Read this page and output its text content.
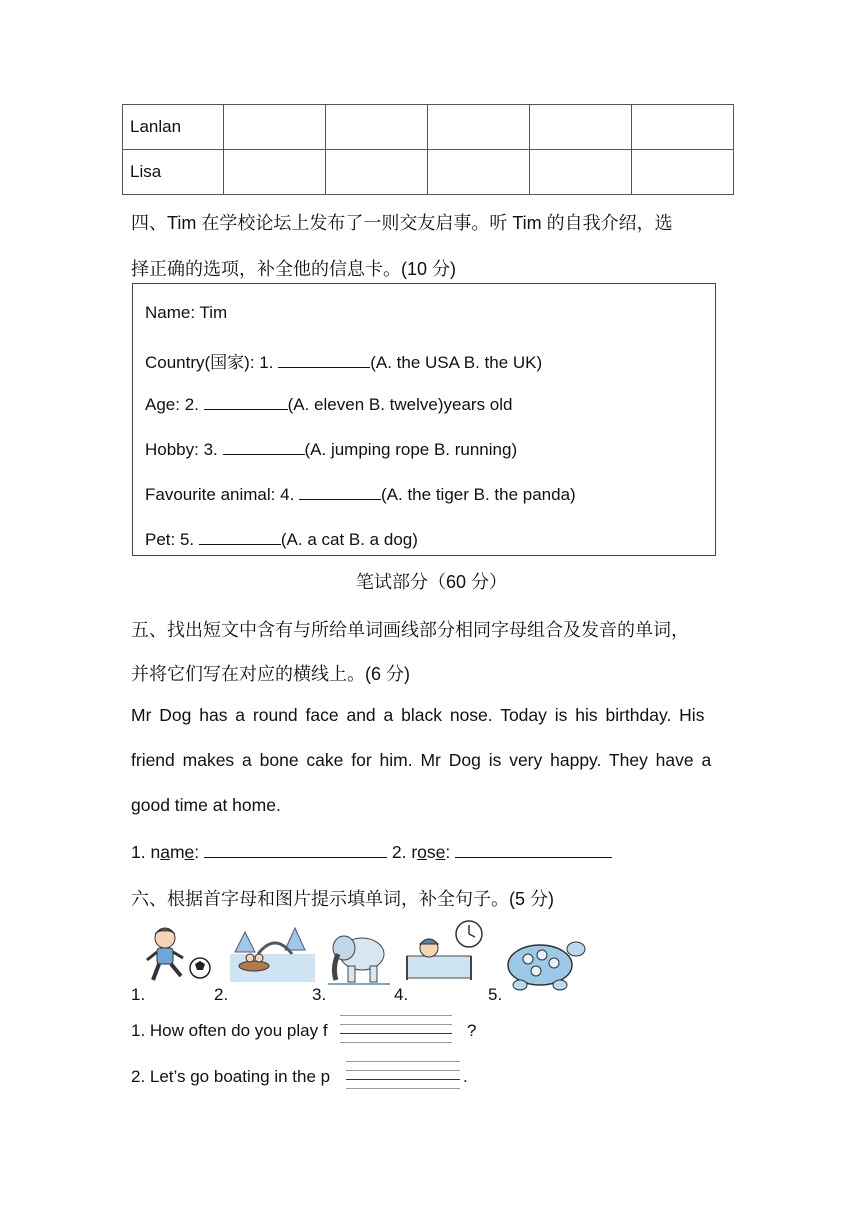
Lanlan					
Lisa					
四、Tim 在学校论坛上发布了一则交友启事。听 Tim 的自我介绍，选
择正确的选项，补全他的信息卡。(10 分)
Name: Tim
Country(国家): 1.	(A. the USA B. the UK)
Age: 2.	(A. eleven B. twelve)years old
Hobby: 3.	(A. jumping rope B. running)
Favourite animal: 4.	(A. the tiger B. the panda)
Pet: 5.	(A. a cat B. a dog)
笔试部分（60 分）
五、找出短文中含有与所给单词画线部分相同字母组合及发音的单词，
并将它们写在对应的横线上。(6 分)
Mr Dog has a round face and a black nose. Today is his birthday. His
friend makes a bone cake for him. Mr Dog is very happy. They have a
good time at home.
1. name:	2. rose:
六、根据首字母和图片提示填单词，补全句子。(5 分)
1.	2.	3.	4.	5.
1. How often do you play f	?
2. Let’s go boating in the p	.
